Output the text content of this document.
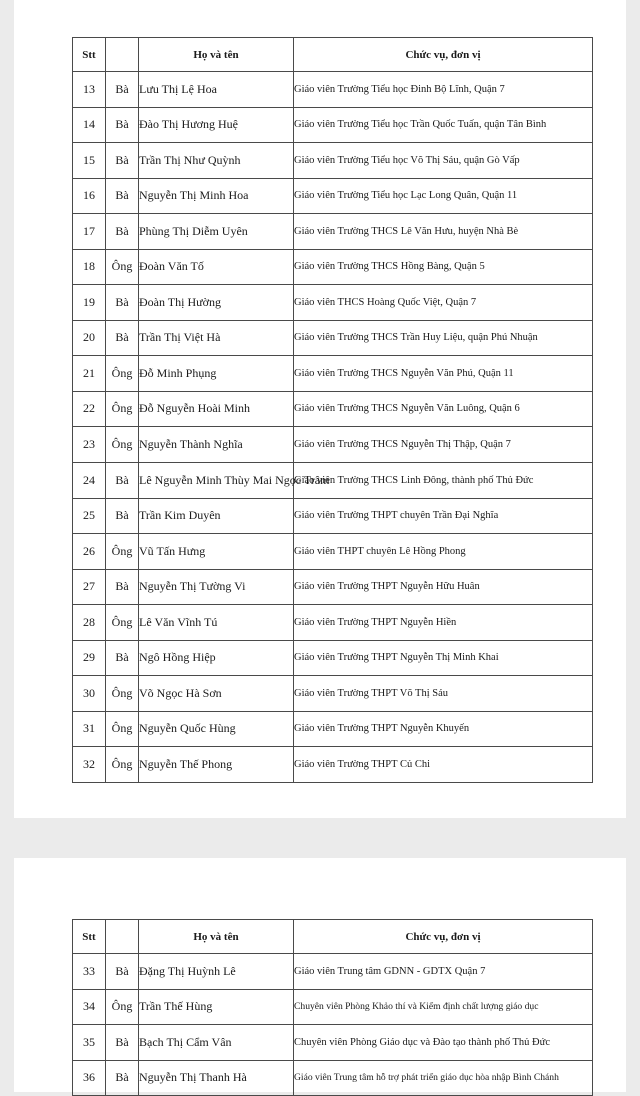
Stt		Họ và tên	Chức vụ, đơn vị
13	Bà	Lưu Thị Lệ Hoa	Giáo viên Trường Tiểu học Đinh Bộ Lĩnh, Quận 7
14	Bà	Đào Thị Hương Huệ	Giáo viên Trường Tiểu học Trần Quốc Tuấn, quận Tân Bình
15	Bà	Trần Thị Như Quỳnh	Giáo viên Trường Tiểu học Võ Thị Sáu, quận Gò Vấp
16	Bà	Nguyễn Thị Minh Hoa	Giáo viên Trường Tiểu học Lạc Long Quân, Quận 11
17	Bà	Phùng Thị Diễm Uyên	Giáo viên Trường THCS Lê Văn Hưu, huyện Nhà Bè
18	Ông	Đoàn Văn Tố	Giáo viên Trường THCS Hồng Bàng, Quận 5
19	Bà	Đoàn Thị Hường	Giáo viên THCS Hoàng Quốc Việt, Quận 7
20	Bà	Trần Thị Việt Hà	Giáo viên Trường THCS Trần Huy Liệu, quận Phú Nhuận
21	Ông	Đỗ Minh Phụng	Giáo viên Trường THCS Nguyễn Văn Phú, Quận 11
22	Ông	Đỗ Nguyễn Hoài Minh	Giáo viên Trường THCS Nguyễn Văn Luông, Quận 6
23	Ông	Nguyễn Thành Nghĩa	Giáo viên Trường THCS Nguyễn Thị Thập, Quận 7
24	Bà	Lê Nguyễn Minh Thùy Mai Ngọc Trâm	Giáo viên Trường THCS Linh Đông, thành phố Thủ Đức
25	Bà	Trần Kim Duyên	Giáo viên Trường THPT chuyên Trần Đại Nghĩa
26	Ông	Vũ Tấn Hưng	Giáo viên THPT chuyên Lê Hồng Phong
27	Bà	Nguyễn Thị Tường Vi	Giáo viên Trường THPT Nguyễn Hữu Huân
28	Ông	Lê Văn Vĩnh Tú	Giáo viên Trường THPT Nguyễn Hiền
29	Bà	Ngô Hồng Hiệp	Giáo viên Trường THPT Nguyễn Thị Minh Khai
30	Ông	Võ Ngọc Hà Sơn	Giáo viên Trường THPT Võ Thị Sáu
31	Ông	Nguyễn Quốc Hùng	Giáo viên Trường THPT Nguyễn Khuyến
32	Ông	Nguyễn Thế Phong	Giáo viên Trường THPT Củ Chi
Stt		Họ và tên	Chức vụ, đơn vị
33	Bà	Đặng Thị Huỳnh Lê	Giáo viên Trung tâm GDNN - GDTX Quận 7
34	Ông	Trần Thế Hùng	Chuyên viên Phòng Khảo thí và Kiểm định chất lượng giáo dục
35	Bà	Bạch Thị Cẩm Vân	Chuyên viên Phòng Giáo dục và Đào tạo thành phố Thủ Đức
36	Bà	Nguyễn Thị Thanh Hà	Giáo viên Trung tâm hỗ trợ phát triển giáo dục hòa nhập Bình Chánh
